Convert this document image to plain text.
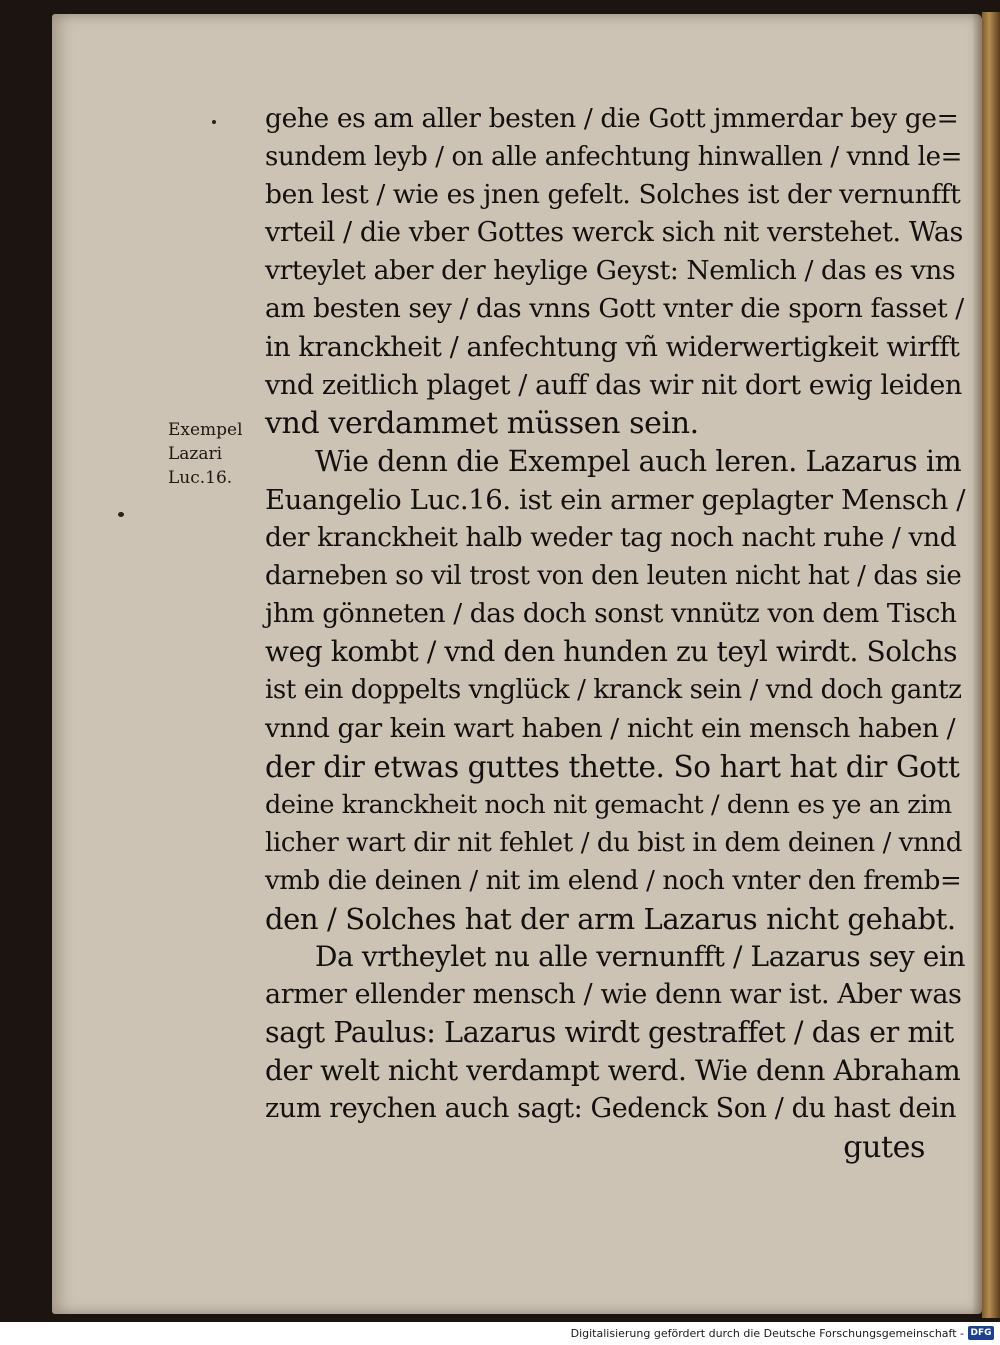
Exempel
Lazari
Luc.16.
gehe es am aller besten / die Gott jmmerdar bey ge=
sundem leyb / on alle anfechtung hinwallen / vnnd le=
ben lest / wie es jnen gefelt. Solches ist der vernunfft
vrteil / die vber Gottes werck sich nit verstehet. Was
vrteylet aber der heylige Geyst: Nemlich / das es vns
am besten sey / das vnns Gott vnter die sporn fasset /
in kranckheit / anfechtung vñ widerwertigkeit wirfft
vnd zeitlich plaget / auff das wir nit dort ewig leiden
vnd verdammet müssen sein.
Wie denn die Exempel auch leren. Lazarus im
Euangelio Luc.16. ist ein armer geplagter Mensch /
der kranckheit halb weder tag noch nacht ruhe / vnd
darneben so vil trost von den leuten nicht hat / das sie
jhm gönneten / das doch sonst vnnütz von dem Tisch
weg kombt / vnd den hunden zu teyl wirdt. Solchs
ist ein doppelts vnglück / kranck sein / vnd doch gantz
vnnd gar kein wart haben / nicht ein mensch haben /
der dir etwas guttes thette. So hart hat dir Gott
deine kranckheit noch nit gemacht / denn es ye an zim
licher wart dir nit fehlet / du bist in dem deinen / vnnd
vmb die deinen / nit im elend / noch vnter den fremb=
den / Solches hat der arm Lazarus nicht gehabt.
Da vrtheylet nu alle vernunfft / Lazarus sey ein
armer ellender mensch / wie denn war ist. Aber was
sagt Paulus: Lazarus wirdt gestraffet / das er mit
der welt nicht verdampt werd. Wie denn Abraham
zum reychen auch sagt: Gedenck Son / du hast dein
gutes
Digitalisierung gefördert durch die Deutsche Forschungsgemeinschaft - DFG
